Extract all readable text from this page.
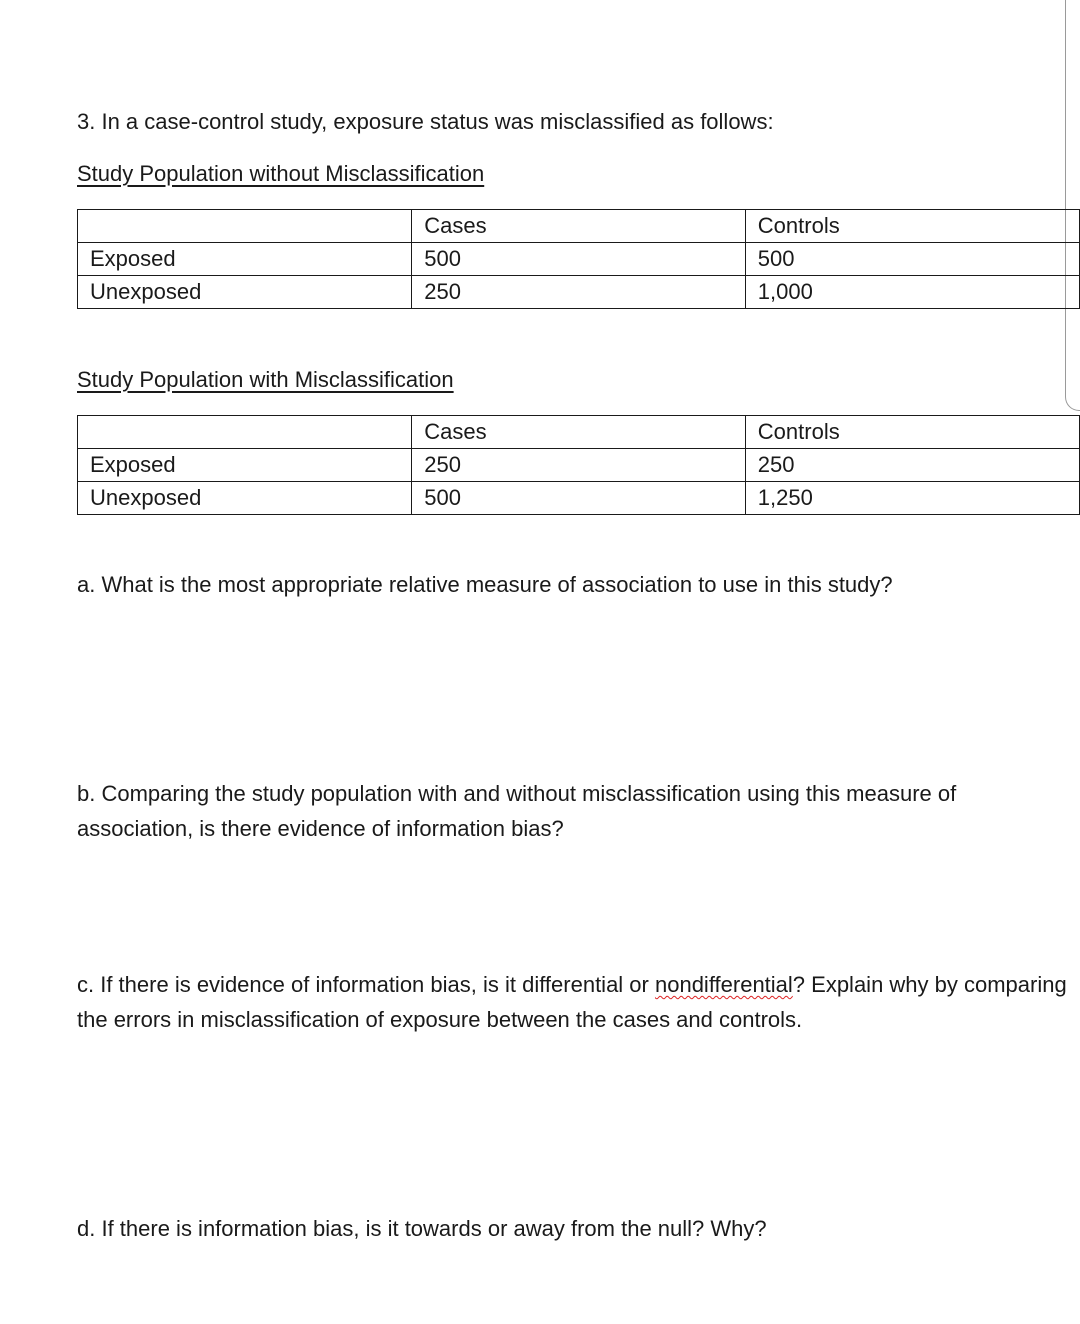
3. In a case-control study, exposure status was misclassified as follows:
Study Population without Misclassification
	Cases	Controls
Exposed	500	500
Unexposed	250	1,000
Study Population with Misclassification
	Cases	Controls
Exposed	250	250
Unexposed	500	1,250
a. What is the most appropriate relative measure of association to use in this study?
b. Comparing the study population with and without misclassification using this measure of association, is there evidence of information bias?
c. If there is evidence of information bias, is it differential or nondifferential? Explain why by comparing the errors in misclassification of exposure between the cases and controls.
d. If there is information bias, is it towards or away from the null? Why?
